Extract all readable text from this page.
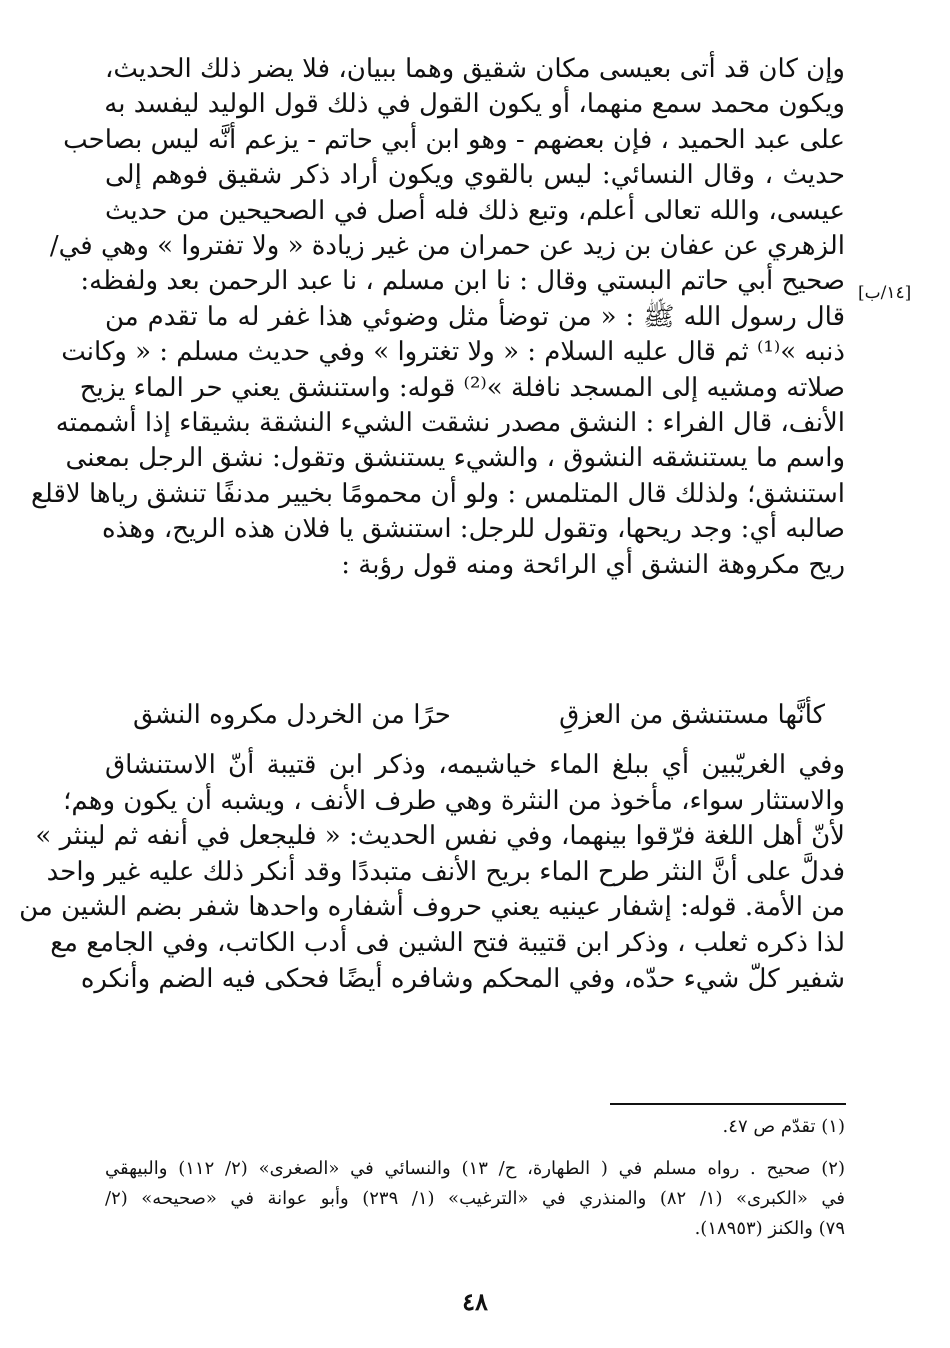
وإن كان قد أتى بعيسى مكان شقيق وهما ببيان، فلا يضر ذلك الحديث،
ويكون محمد سمع منهما، أو يكون القول في ذلك قول الوليد ليفسد به
على عبد الحميد ، فإن بعضهم - وهو ابن أبي حاتم - يزعم أنَّه ليس بصاحب
حديث ، وقال النسائي: ليس بالقوي ويكون أراد ذكر شقيق فوهم إلى
عيسى، والله تعالى أعلم، وتبع ذلك فله أصل في الصحيحين من حديث
الزهري عن عفان بن زيد عن حمران من غير زيادة « ولا تفتروا » وهي في/
صحيح أبي حاتم البستي وقال : نا ابن مسلم ، نا عبد الرحمن بعد ولفظه:
قال رسول الله ﷺ : « من توضأ مثل وضوئي هذا غفر له ما تقدم من
ذنبه »⁽¹⁾ ثم قال عليه السلام : « ولا تغتروا » وفي حديث مسلم : « وكانت
صلاته ومشيه إلى المسجد نافلة »⁽²⁾ قوله: واستنشق يعني حر الماء يزيح
الأنف، قال الفراء : النشق مصدر نشقت الشيء النشقة بشيقاء إذا أشممته
واسم ما يستنشقه النشوق ، والشيء يستنشق وتقول: نشق الرجل بمعنى
استنشق؛ ولذلك قال المتلمس : ولو أن محمومًا بخيير مدنفًا تنشق رياها لاقلع
صالبه أي: وجد ريحها، وتقول للرجل: استنشق يا فلان هذه الريح، وهذه
ريح مكروهة النشق أي الرائحة ومنه قول رؤبة :
[١٤/ب]
كأنَّها مستنشق من العزقِ
حرًا من الخردل مكروه النشق
وفي الغريّبين أي ببلغ الماء خياشيمه، وذكر ابن قتيبة أنّ الاستنشاق
والاستثار سواء، مأخوذ من النثرة وهي طرف الأنف ، ويشبه أن يكون وهم؛
لأنّ أهل اللغة فرّقوا بينهما، وفي نفس الحديث: « فليجعل في أنفه ثم لينثر »
فدلَّ على أنَّ النثر طرح الماء بريح الأنف متبددًا وقد أنكر ذلك عليه غير واحد
من الأمة. قوله: إشفار عينيه يعني حروف أشفاره واحدها شفر بضم الشين من
لذا ذكره ثعلب ، وذكر ابن قتيبة فتح الشين فى أدب الكاتب، وفي الجامع مع
شفير كلّ شيء حدّه، وفي المحكم وشافره أيضًا فحكى فيه الضم وأنكره
(١) تقدّم ص ٤٧.
(٢) صحيح . رواه مسلم في ( الطهارة، ح/ ١٣) والنسائي في «الصغرى» (٢/ ١١٢) والبيهقي
في «الكبرى» (١/ ٨٢) والمنذري في «الترغيب» (١/ ٢٣٩) وأبو عوانة في «صحيحه» (٢/
٧٩) والكنز (١٨٩٥٣).
٤٨
